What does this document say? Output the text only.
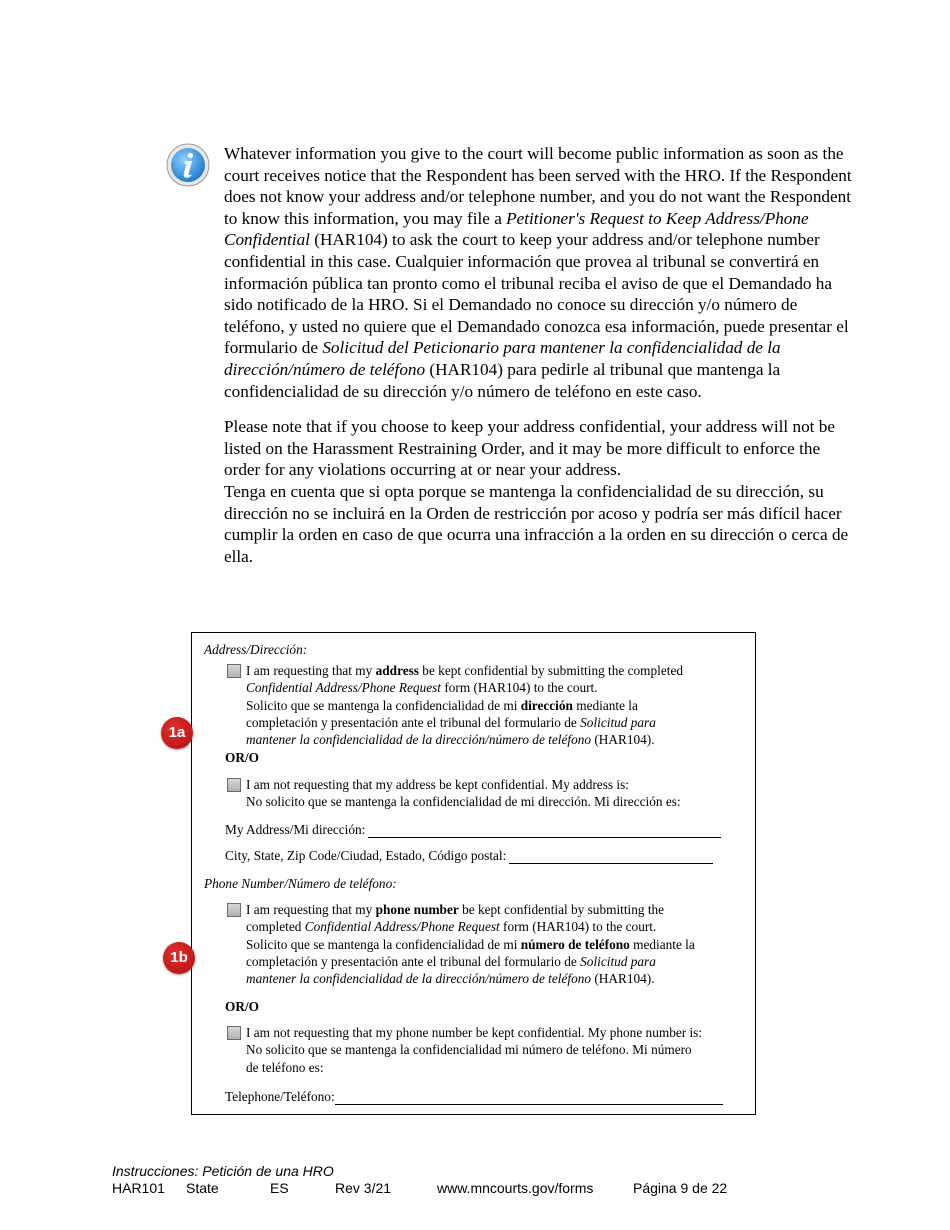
Whatever information you give to the court will become public information as soon as the court receives notice that the Respondent has been served with the HRO. If the Respondent does not know your address and/or telephone number, and you do not want the Respondent to know this information, you may file a Petitioner's Request to Keep Address/Phone Confidential (HAR104) to ask the court to keep your address and/or telephone number confidential in this case. Cualquier información que provea al tribunal se convertirá en información pública tan pronto como el tribunal reciba el aviso de que el Demandado ha sido notificado de la HRO. Si el Demandado no conoce su dirección y/o número de teléfono, y usted no quiere que el Demandado conozca esa información, puede presentar el formulario de Solicitud del Peticionario para mantener la confidencialidad de la dirección/número de teléfono (HAR104) para pedirle al tribunal que mantenga la confidencialidad de su dirección y/o número de teléfono en este caso.

Please note that if you choose to keep your address confidential, your address will not be listed on the Harassment Restraining Order, and it may be more difficult to enforce the order for any violations occurring at or near your address.
Tenga en cuenta que si opta porque se mantenga la confidencialidad de su dirección, su dirección no se incluirá en la Orden de restricción por acoso y podría ser más difícil hacer cumplir la orden en caso de que ocurra una infracción a la orden en su dirección o cerca de ella.

Address/Dirección:
I am requesting that my address be kept confidential by submitting the completed
Confidential Address/Phone Request form (HAR104) to the court.
Solicito que se mantenga la confidencialidad de mi dirección mediante la
completación y presentación ante el tribunal del formulario de Solicitud para
mantener la confidencialidad de la dirección/número de teléfono (HAR104).
OR/O
I am not requesting that my address be kept confidential. My address is:
No solicito que se mantenga la confidencialidad de mi dirección. Mi dirección es:
My Address/Mi dirección:
City, State, Zip Code/Ciudad, Estado, Código postal:
Phone Number/Número de teléfono:
I am requesting that my phone number be kept confidential by submitting the
completed Confidential Address/Phone Request form (HAR104) to the court.
Solicito que se mantenga la confidencialidad de mi número de teléfono mediante la
completación y presentación ante el tribunal del formulario de Solicitud para
mantener la confidencialidad de la dirección/número de teléfono (HAR104).
OR/O
I am not requesting that my phone number be kept confidential. My phone number is:
No solicito que se mantenga la confidencialidad mi número de teléfono. Mi número
de teléfono es:
Telephone/Teléfono:
1a
1b
Instrucciones: Petición de una HRO
HAR101 State	ES	Rev 3/21	www.mncourts.gov/forms	Página 9 de 22
